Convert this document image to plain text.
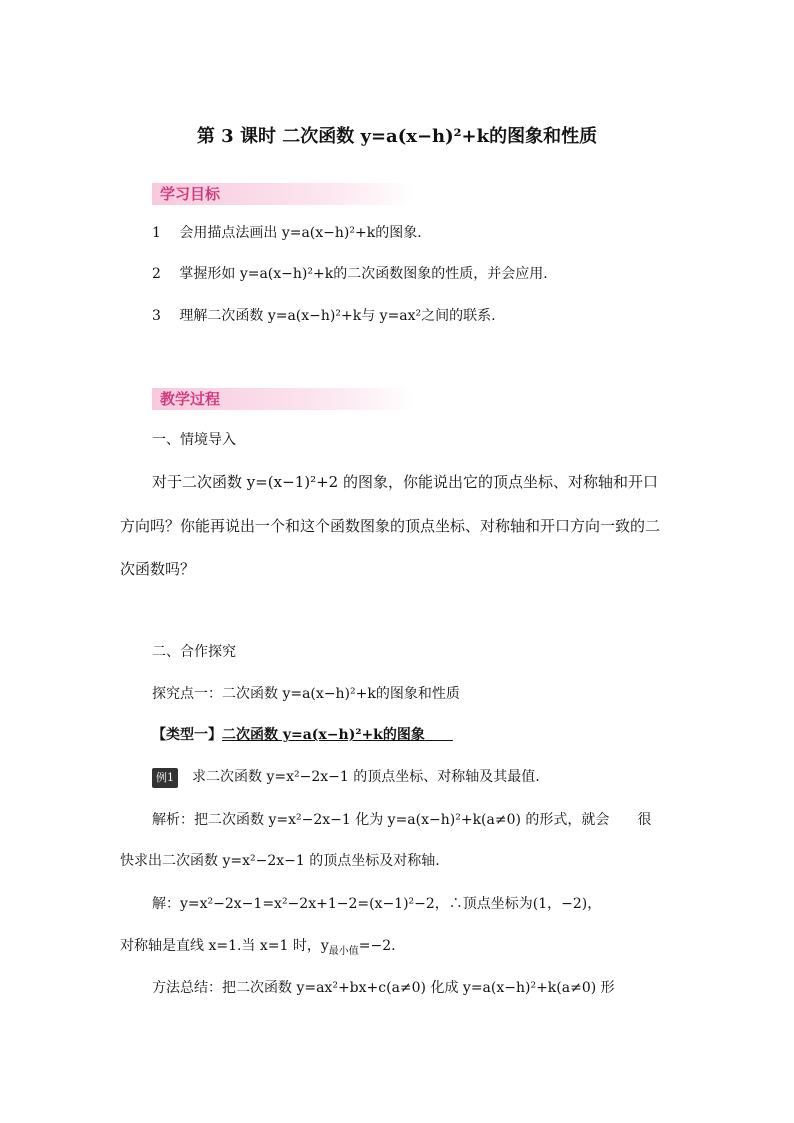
第 3 课时 二次函数 y=a(x−h)²+k的图象和性质
学习目标
1 会用描点法画出 y=a(x−h)²+k的图象.
2 掌握形如 y=a(x−h)²+k的二次函数图象的性质，并会应用.
3 理解二次函数 y=a(x−h)²+k与 y=ax²之间的联系.
教学过程
一、情境导入
对于二次函数 y=(x−1)²+2 的图象，你能说出它的顶点坐标、对称轴和开口
方向吗？你能再说出一个和这个函数图象的顶点坐标、对称轴和开口方向一致的二
次函数吗？
二、合作探究
探究点一：二次函数 y=a(x−h)²+k的图象和性质
【类型一】二次函数 y=a(x−h)²+k的图象  
例1 求二次函数 y=x²−2x−1 的顶点坐标、对称轴及其最值.
解析：把二次函数 y=x²−2x−1 化为 y=a(x−h)²+k(a≠0) 的形式，就会　　很
快求出二次函数 y=x²−2x−1 的顶点坐标及对称轴.
解：y=x²−2x−1=x²−2x+1−2=(x−1)²−2，∴顶点坐标为(1，−2)，
对称轴是直线 x=1.当 x=1 时，$y_{最小值}=-2$.
方法总结：把二次函数 y=ax²+bx+c(a≠0) 化成 y=a(x−h)²+k(a≠0) 形
